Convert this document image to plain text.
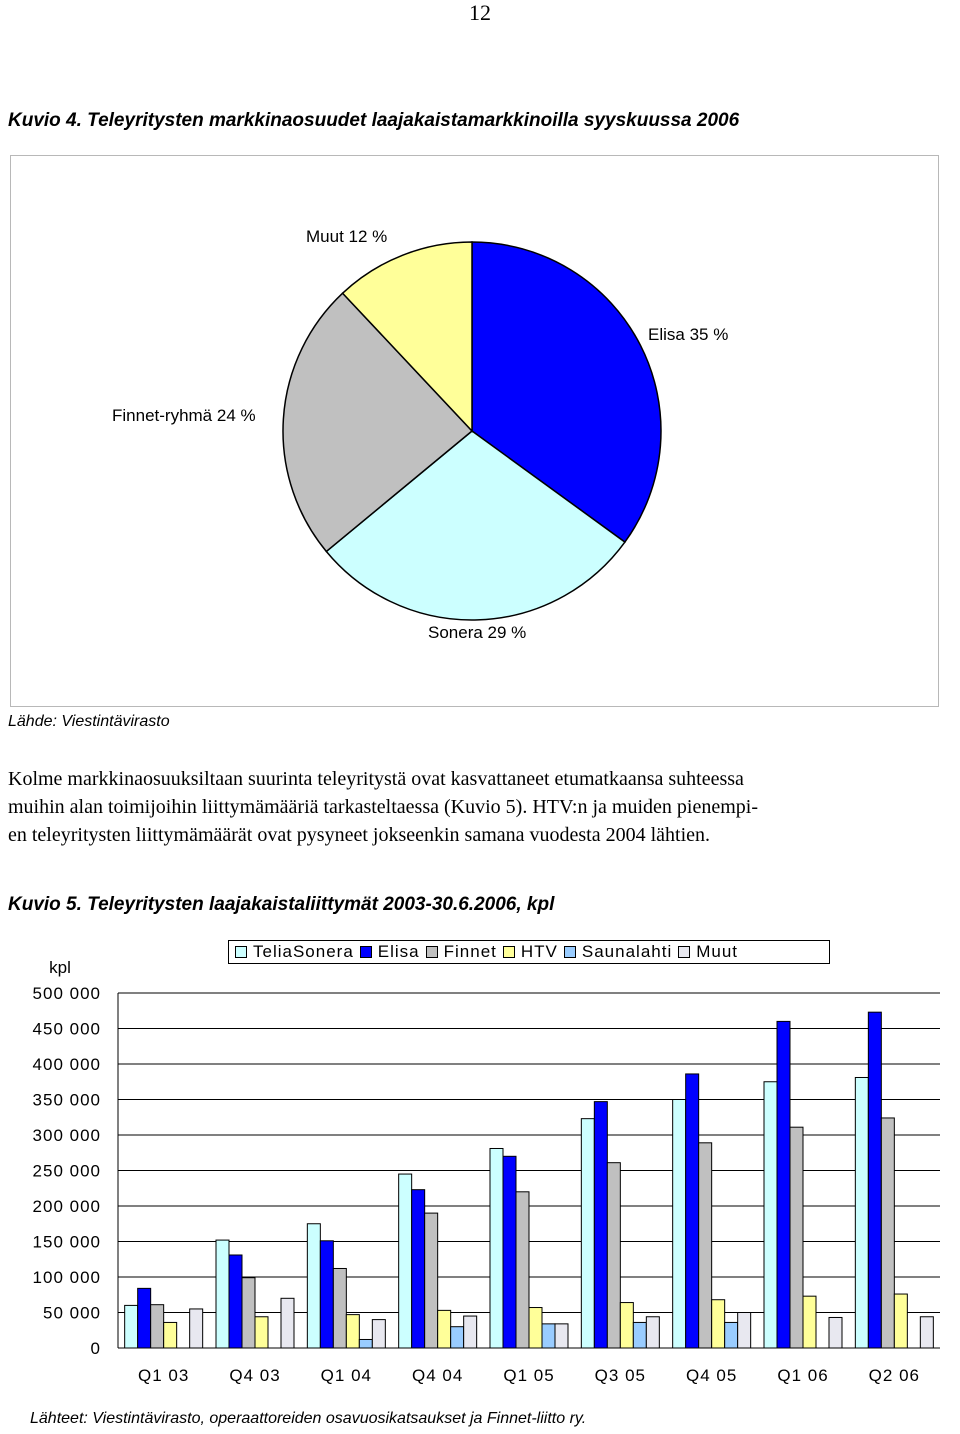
12
Kuvio 4. Teleyritysten markkinaosuudet laajakaistamarkkinoilla syyskuussa 2006
Muut 12 %
Elisa 35 %
Finnet-ryhmä 24 %
Sonera 29 %
Lähde: Viestintävirasto
Kolme markkinaosuuksiltaan suurinta teleyritystä ovat kasvattaneet etumatkaansa suhteessa
muihin alan toimijoihin liittymämääriä tarkasteltaessa (Kuvio 5). HTV:n ja muiden pienempi-
en teleyritysten liittymämäärät ovat pysyneet jokseenkin samana vuodesta 2004 lähtien.
Kuvio 5. Teleyritysten laajakaistaliittymät 2003-30.6.2006, kpl
TeliaSonera Elisa Finnet HTV Saunalahti Muut
kpl
0
50 000
100 000
150 000
200 000
250 000
300 000
350 000
400 000
450 000
500 000
Q1 03 Q4 03 Q1 04 Q4 04 Q1 05 Q3 05 Q4 05 Q1 06 Q2 06
Lähteet: Viestintävirasto, operaattoreiden osavuosikatsaukset ja Finnet-liitto ry.
